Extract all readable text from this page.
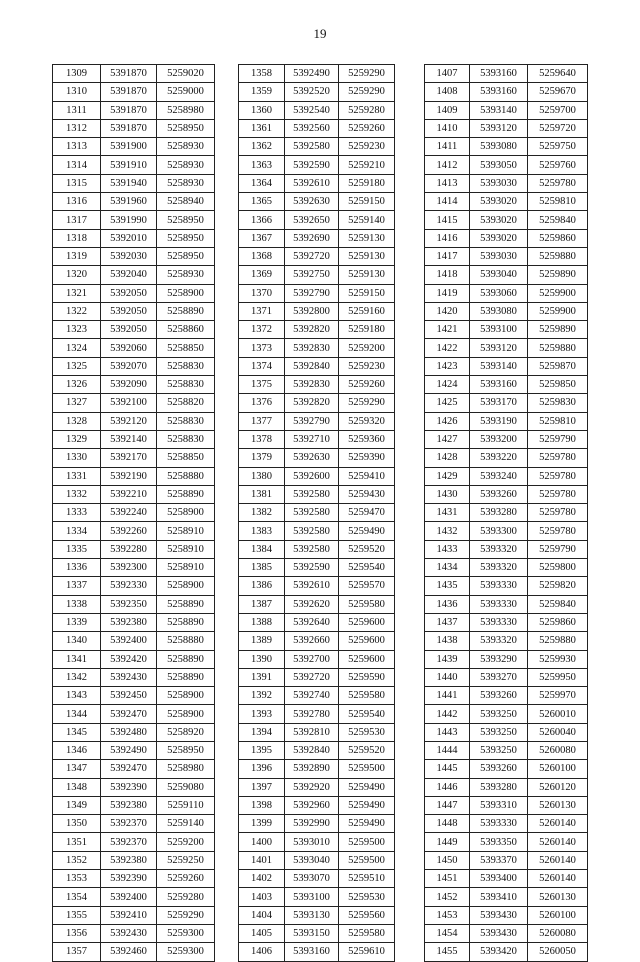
19
1309	5391870	5259020
1310	5391870	5259000
1311	5391870	5258980
1312	5391870	5258950
1313	5391900	5258930
1314	5391910	5258930
1315	5391940	5258930
1316	5391960	5258940
1317	5391990	5258950
1318	5392010	5258950
1319	5392030	5258950
1320	5392040	5258930
1321	5392050	5258900
1322	5392050	5258890
1323	5392050	5258860
1324	5392060	5258850
1325	5392070	5258830
1326	5392090	5258830
1327	5392100	5258820
1328	5392120	5258830
1329	5392140	5258830
1330	5392170	5258850
1331	5392190	5258880
1332	5392210	5258890
1333	5392240	5258900
1334	5392260	5258910
1335	5392280	5258910
1336	5392300	5258910
1337	5392330	5258900
1338	5392350	5258890
1339	5392380	5258890
1340	5392400	5258880
1341	5392420	5258890
1342	5392430	5258890
1343	5392450	5258900
1344	5392470	5258900
1345	5392480	5258920
1346	5392490	5258950
1347	5392470	5258980
1348	5392390	5259080
1349	5392380	5259110
1350	5392370	5259140
1351	5392370	5259200
1352	5392380	5259250
1353	5392390	5259260
1354	5392400	5259280
1355	5392410	5259290
1356	5392430	5259300
1357	5392460	5259300
1358	5392490	5259290
1359	5392520	5259290
1360	5392540	5259280
1361	5392560	5259260
1362	5392580	5259230
1363	5392590	5259210
1364	5392610	5259180
1365	5392630	5259150
1366	5392650	5259140
1367	5392690	5259130
1368	5392720	5259130
1369	5392750	5259130
1370	5392790	5259150
1371	5392800	5259160
1372	5392820	5259180
1373	5392830	5259200
1374	5392840	5259230
1375	5392830	5259260
1376	5392820	5259290
1377	5392790	5259320
1378	5392710	5259360
1379	5392630	5259390
1380	5392600	5259410
1381	5392580	5259430
1382	5392580	5259470
1383	5392580	5259490
1384	5392580	5259520
1385	5392590	5259540
1386	5392610	5259570
1387	5392620	5259580
1388	5392640	5259600
1389	5392660	5259600
1390	5392700	5259600
1391	5392720	5259590
1392	5392740	5259580
1393	5392780	5259540
1394	5392810	5259530
1395	5392840	5259520
1396	5392890	5259500
1397	5392920	5259490
1398	5392960	5259490
1399	5392990	5259490
1400	5393010	5259500
1401	5393040	5259500
1402	5393070	5259510
1403	5393100	5259530
1404	5393130	5259560
1405	5393150	5259580
1406	5393160	5259610
1407	5393160	5259640
1408	5393160	5259670
1409	5393140	5259700
1410	5393120	5259720
1411	5393080	5259750
1412	5393050	5259760
1413	5393030	5259780
1414	5393020	5259810
1415	5393020	5259840
1416	5393020	5259860
1417	5393030	5259880
1418	5393040	5259890
1419	5393060	5259900
1420	5393080	5259900
1421	5393100	5259890
1422	5393120	5259880
1423	5393140	5259870
1424	5393160	5259850
1425	5393170	5259830
1426	5393190	5259810
1427	5393200	5259790
1428	5393220	5259780
1429	5393240	5259780
1430	5393260	5259780
1431	5393280	5259780
1432	5393300	5259780
1433	5393320	5259790
1434	5393320	5259800
1435	5393330	5259820
1436	5393330	5259840
1437	5393330	5259860
1438	5393320	5259880
1439	5393290	5259930
1440	5393270	5259950
1441	5393260	5259970
1442	5393250	5260010
1443	5393250	5260040
1444	5393250	5260080
1445	5393260	5260100
1446	5393280	5260120
1447	5393310	5260130
1448	5393330	5260140
1449	5393350	5260140
1450	5393370	5260140
1451	5393400	5260140
1452	5393410	5260130
1453	5393430	5260100
1454	5393430	5260080
1455	5393420	5260050
